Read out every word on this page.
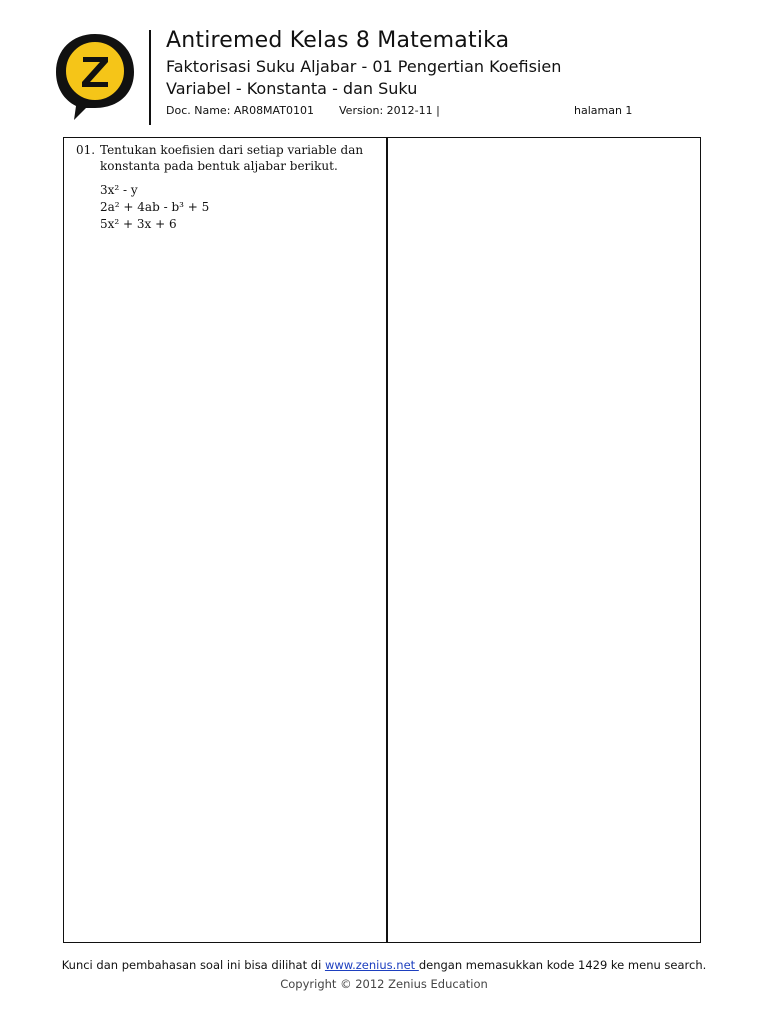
Antiremed Kelas 8 Matematika
Faktorisasi Suku Aljabar - 01 Pengertian Koefisien
Variabel - Konstanta - dan Suku
Doc. Name: AR08MAT0101 Version: 2012-11 |	halaman 1
01. Tentukan koefisien dari setiap variable dan konstanta pada bentuk aljabar berikut.
3x² - y
2a² + 4ab - b³ + 5
5x² + 3x + 6
Kunci dan pembahasan soal ini bisa dilihat di www.zenius.net dengan memasukkan kode 1429 ke menu search.
Copyright © 2012 Zenius Education
